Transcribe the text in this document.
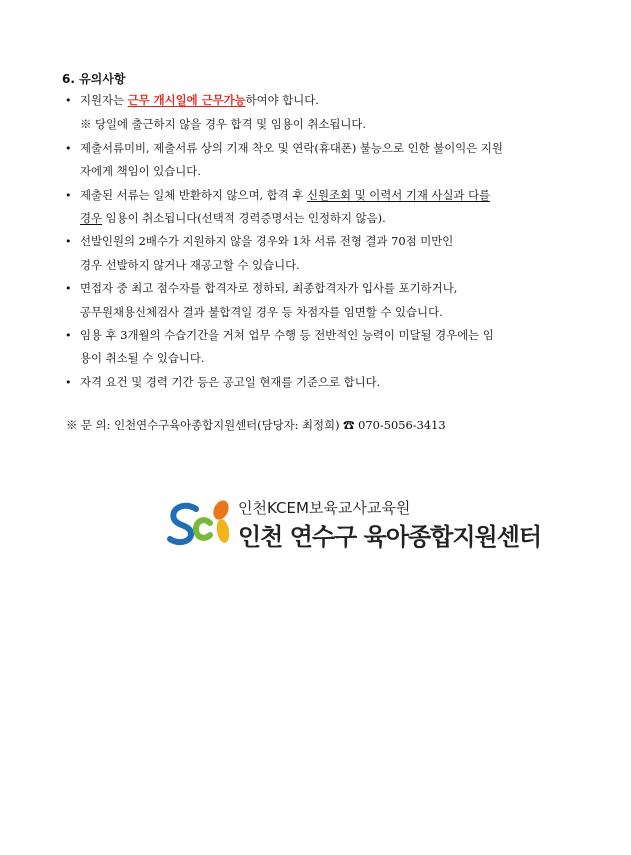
6. 유의사항
• 지원자는 근무 개시일에 근무가능하여야 합니다.
※ 당일에 출근하지 않을 경우 합격 및 임용이 취소됩니다.
• 제출서류미비, 제출서류 상의 기재 착오 및 연락(휴대폰) 불능으로 인한 불이익은 지원
자에게 책임이 있습니다.
• 제출된 서류는 일체 반환하지 않으며, 합격 후 신원조회 및 이력서 기재 사실과 다를
경우 임용이 취소됩니다(선택적 경력증명서는 인정하지 않음).
• 선발인원의 2배수가 지원하지 않을 경우와 1차 서류 전형 결과 70점 미만인
경우 선발하지 않거나 재공고할 수 있습니다.
• 면접자 중 최고 점수자를 합격자로 정하되, 최종합격자가 입사를 포기하거나,
공무원채용신체검사 결과 불합격일 경우 등 차점자를 임면할 수 있습니다.
• 임용 후 3개월의 수습기간을 거쳐 업무 수행 등 전반적인 능력이 미달될 경우에는 임
용이 취소될 수 있습니다.
• 자격 요건 및 경력 기간 등은 공고일 현재를 기준으로 합니다.
※ 문 의: 인천연수구육아종합지원센터(담당자: 최정희) ☎ 070-5056-3413
인천KCEM보육교사교육원
인천 연수구 육아종합지원센터
